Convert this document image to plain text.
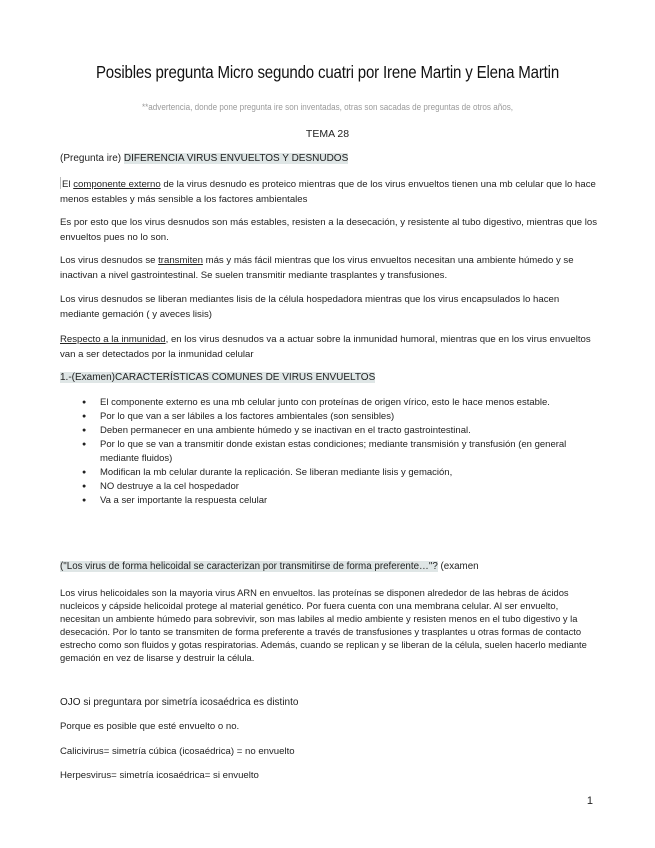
Posibles pregunta Micro segundo cuatri por Irene Martin y Elena Martin
**advertencia, donde pone pregunta ire son inventadas, otras son sacadas de preguntas de otros años,
TEMA 28
(Pregunta ire) DIFERENCIA VIRUS ENVUELTOS Y DESNUDOS
El componente externo de la virus desnudo es proteico mientras que de los virus envueltos tienen una mb celular que lo hace menos estables y más sensible a los factores ambientales
Es por esto que los virus desnudos son más estables, resisten a la desecación, y resistente al tubo digestivo, mientras que los envueltos pues no lo son.
Los virus desnudos se transmiten más y más fácil mientras que los virus envueltos necesitan una ambiente húmedo y se inactivan a nivel gastrointestinal. Se suelen transmitir mediante trasplantes y transfusiones.
Los virus desnudos se liberan mediantes lisis de la célula hospedadora mientras que los virus encapsulados lo hacen mediante gemación ( y aveces lisis)
Respecto a la inmunidad, en los virus desnudos va a actuar sobre la inmunidad humoral, mientras que en los virus envueltos van a ser detectados por la inmunidad celular
1.-(Examen)CARACTERÍSTICAS COMUNES DE VIRUS ENVUELTOS
● El componente externo es una mb celular junto con proteínas de origen vírico, esto le hace menos estable.
● Por lo que van a ser lábiles a los factores ambientales (son sensibles)
● Deben permanecer en una ambiente húmedo y se inactivan en el tracto gastrointestinal.
● Por lo que se van a transmitir donde existan estas condiciones; mediante transmisión y transfusión (en general mediante fluidos)
● Modifican la mb celular durante la replicación. Se liberan mediante lisis y gemación,
● NO destruye a la cel hospedador
● Va a ser importante la respuesta celular
("Los virus de forma helicoidal se caracterizan por transmitirse de forma preferente…"? (examen
Los virus helicoidales son la mayoria virus ARN en envueltos. las proteínas se disponen alrededor de las hebras de ácidos nucleicos y cápside helicoidal protege al material genético. Por fuera cuenta con una membrana celular. Al ser envuelto, necesitan un ambiente húmedo para sobrevivir, son mas labiles al medio ambiente y resisten menos en el tubo digestivo y la desecación. Por lo tanto se transmiten de forma preferente a través de transfusiones y trasplantes u otras formas de contacto estrecho como son fluidos y gotas respiratorias. Además, cuando se replican y se liberan de la célula, suelen hacerlo mediante gemación en vez de lisarse y destruir la célula.
OJO si preguntara por simetría icosaédrica es distinto
Porque es posible que esté envuelto o no.
Calicivirus= simetría cúbica (icosaédrica) = no envuelto
Herpesvirus= simetría icosaédrica= si envuelto
1
